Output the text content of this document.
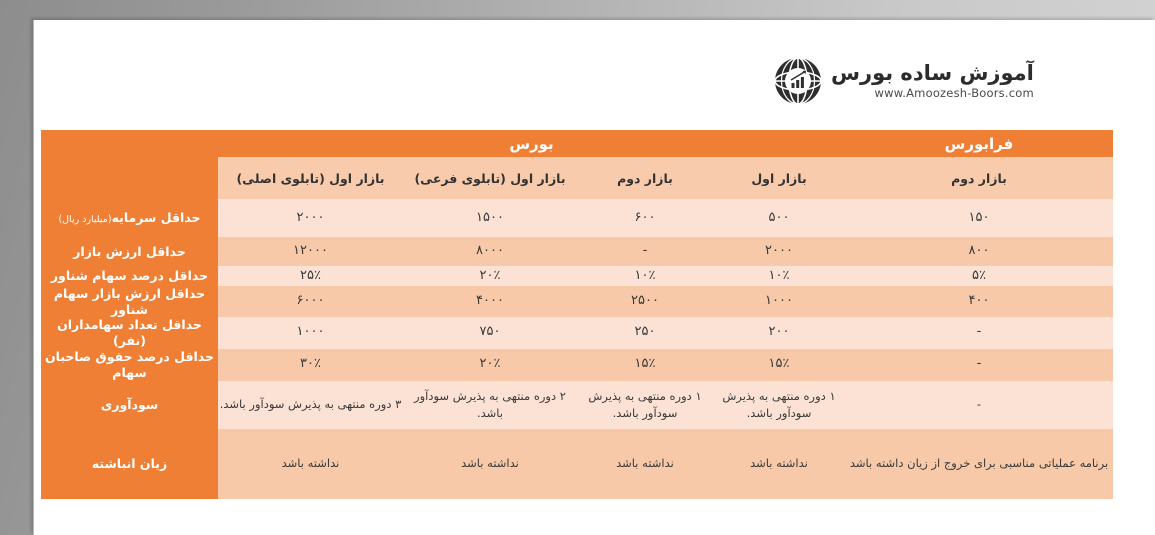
آموزش ساده بورس
www.Amoozesh-Boors.com
فرابورس	بورس				
بازار دوم	بازار اول	بازار دوم	بازار اول (تابلوی فرعی)	بازار اول (تابلوی اصلی)	
۱۵۰	۵۰۰	۶۰۰	۱۵۰۰	۲۰۰۰	حداقل سرمایه(میلیارد ریال)
۸۰۰	۲۰۰۰	-	۸۰۰۰	۱۲۰۰۰	حداقل ارزش بازار
۵٪	۱۰٪	۱۰٪	۲۰٪	۲۵٪	حداقل درصد سهام شناور
۴۰۰	۱۰۰۰	۲۵۰۰	۴۰۰۰	۶۰۰۰	حداقل ارزش بازار سهام شناور
-	۲۰۰	۲۵۰	۷۵۰	۱۰۰۰	حداقل تعداد سهامداران (نفر)
-	۱۵٪	۱۵٪	۲۰٪	۳۰٪	حداقل درصد حقوق صاحبان سهام
-	۱ دوره منتهی به پذیرش سودآور باشد.	۱ دوره منتهی به پذیرش سودآور باشد.	۲ دوره منتهی به پذیرش سودآور باشد.	۳ دوره منتهی به پذیرش سودآور باشد.	سودآوری
برنامه عملیاتی مناسبی برای خروج از زیان داشته باشد	نداشته باشد	نداشته باشد	نداشته باشد	نداشته باشد	زیان انباشته
